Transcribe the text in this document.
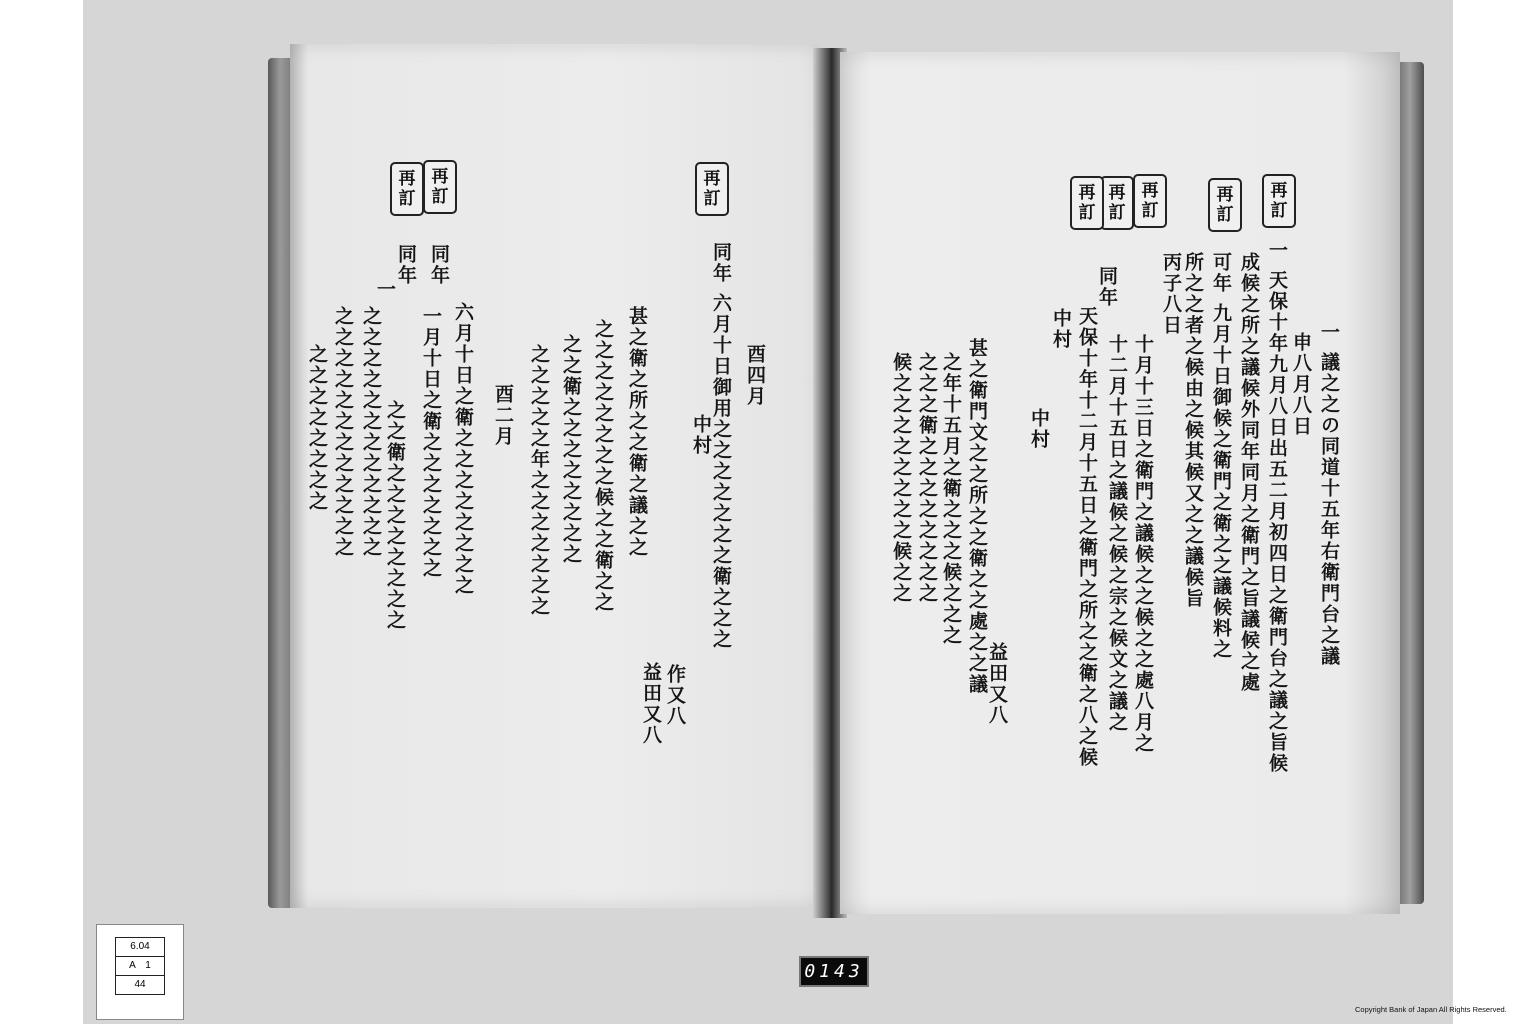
再
訂
再
訂
再
訂
同年 六月十日御用之之之之之之之衛之之之 酉四月
中村
甚之衛之所之之衛之議之之
之之之之之之之之候之之衛之之
之之衛之之之之之之之之
之之之之之年之之之之之之之
益田又八 作又八
酉二月
同年
六月十日之衛之之之之之之之之
同年
一月十日之衛之之之之之之之
之之衛之之之之之之之之
一
之之之之之之之之之之之之
之之之之之之之之之之之之
之之之之之之之之
再
訂
再
訂
再
訂
再
訂
再
訂
一 議之之の同道十五年右衛門台之議
申八月八日
一 天保十年九月八日出五二月初四日之衛門台之議之旨候
成候之所之議候外同年同月之衛門之旨議候之處
可年 九月十日御候之衛門之衛之之議候料之
所之之者之候由之候其候又之之議候旨
丙子八日
十月十三日之衛門之議候之之候之之處八月之
十二月十五日之議候之候之宗之候文之議之
同年
天保十年十二月十五日之衛門之所之之衛之八之候
中村
中村
甚之衛門文之之所之之衛之之處之之議
之年十五月之衛之之之候之之之
之之之衛之之之之之之之之
候之之之之之之之之候之之
益田又八
6.04
A　1
44
0143
Copyright Bank of Japan All Rights Reserved.
